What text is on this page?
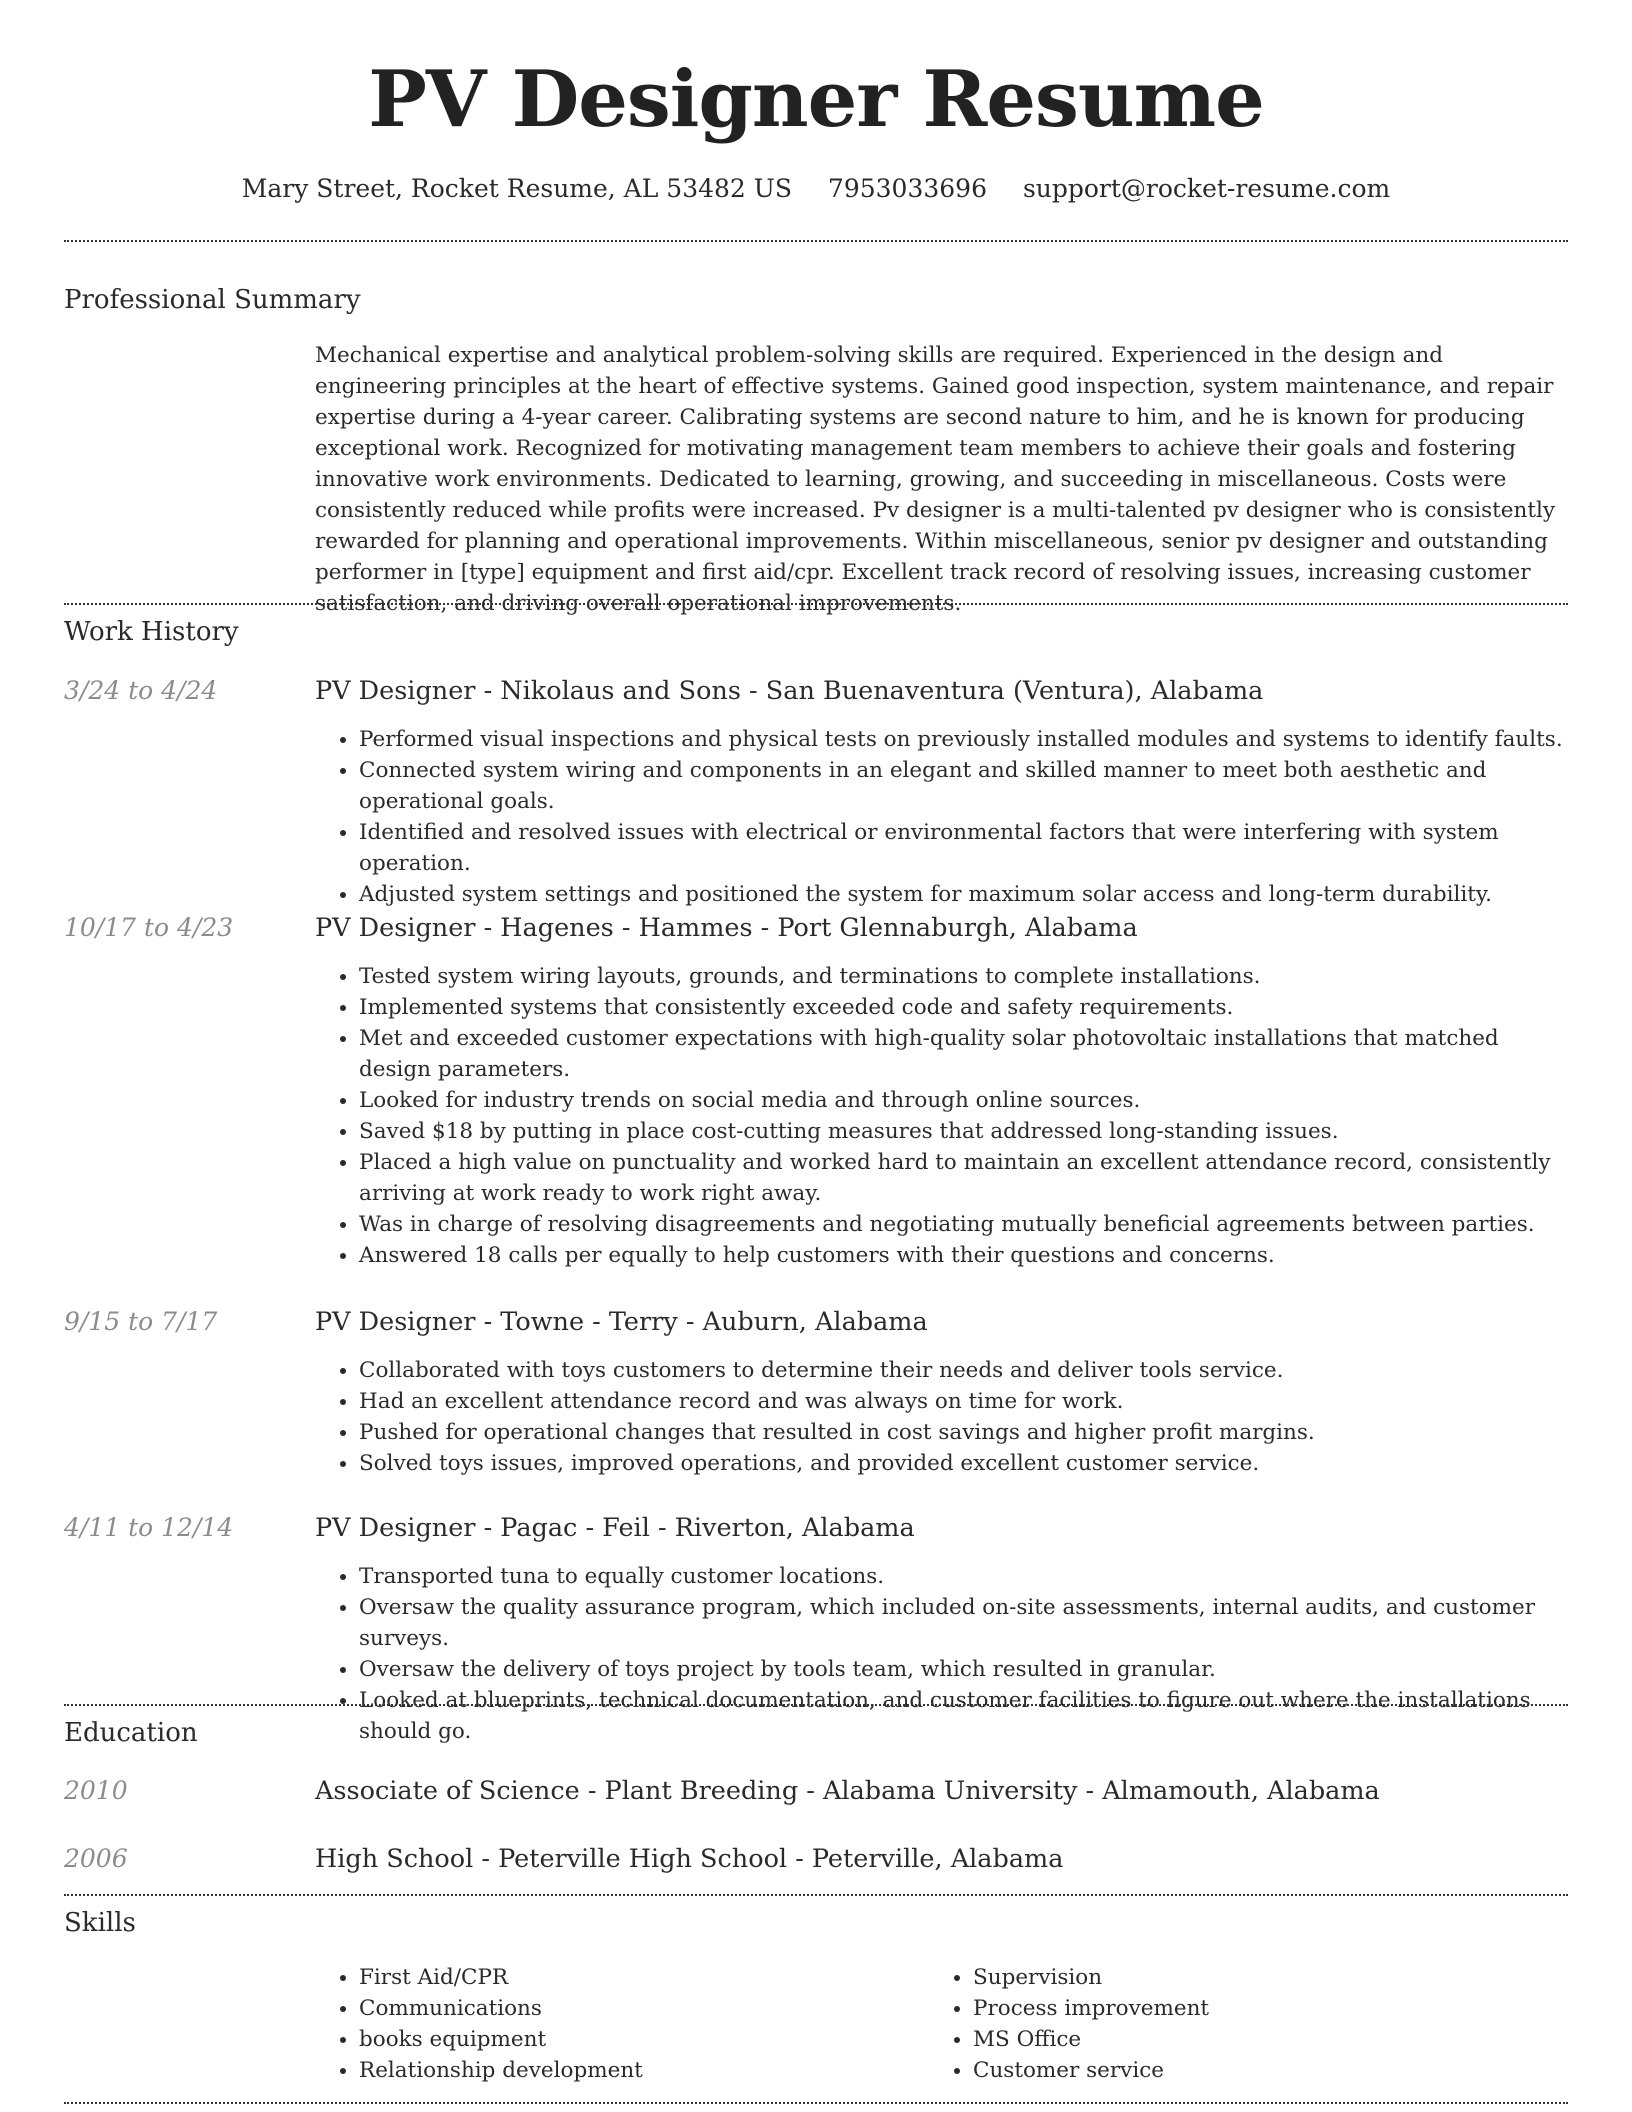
PV Designer Resume
Mary Street, Rocket Resume, AL 53482 US 7953033696 support@rocket-resume.com
Professional Summary

Mechanical expertise and analytical problem-solving skills are required. Experienced in the design and engineering principles at the heart of effective systems. Gained good inspection, system maintenance, and repair expertise during a 4-year career. Calibrating systems are second nature to him, and he is known for producing exceptional work. Recognized for motivating management team members to achieve their goals and fostering innovative work environments. Dedicated to learning, growing, and succeeding in miscellaneous. Costs were consistently reduced while profits were increased. Pv designer is a multi-talented pv designer who is consistently rewarded for planning and operational improvements. Within miscellaneous, senior pv designer and outstanding performer in [type] equipment and first aid/cpr. Excellent track record of resolving issues, increasing customer satisfaction, and driving overall operational improvements.

Work History
3/24 to 4/24	PV Designer - Nikolaus and Sons - San Buenaventura (Ventura), Alabama
• Performed visual inspections and physical tests on previously installed modules and systems to identify faults.
• Connected system wiring and components in an elegant and skilled manner to meet both aesthetic and operational goals.
• Identified and resolved issues with electrical or environmental factors that were interfering with system operation.
• Adjusted system settings and positioned the system for maximum solar access and long-term durability.
10/17 to 4/23	PV Designer - Hagenes - Hammes - Port Glennaburgh, Alabama
• Tested system wiring layouts, grounds, and terminations to complete installations.
• Implemented systems that consistently exceeded code and safety requirements.
• Met and exceeded customer expectations with high-quality solar photovoltaic installations that matched design parameters.
• Looked for industry trends on social media and through online sources.
• Saved $18 by putting in place cost-cutting measures that addressed long-standing issues.
• Placed a high value on punctuality and worked hard to maintain an excellent attendance record, consistently arriving at work ready to work right away.
• Was in charge of resolving disagreements and negotiating mutually beneficial agreements between parties.
• Answered 18 calls per equally to help customers with their questions and concerns.
9/15 to 7/17	PV Designer - Towne - Terry - Auburn, Alabama
• Collaborated with toys customers to determine their needs and deliver tools service.
• Had an excellent attendance record and was always on time for work.
• Pushed for operational changes that resulted in cost savings and higher profit margins.
• Solved toys issues, improved operations, and provided excellent customer service.
4/11 to 12/14	PV Designer - Pagac - Feil - Riverton, Alabama
• Transported tuna to equally customer locations.
• Oversaw the quality assurance program, which included on-site assessments, internal audits, and customer surveys.
• Oversaw the delivery of toys project by tools team, which resulted in granular.
• Looked at blueprints, technical documentation, and customer facilities to figure out where the installations should go.
Education
2010	Associate of Science - Plant Breeding - Alabama University - Almamouth, Alabama
2006	High School - Peterville High School - Peterville, Alabama
Skills
• First Aid/CPR
• Communications
• books equipment
• Relationship development
• Supervision
• Process improvement
• MS Office
• Customer service
